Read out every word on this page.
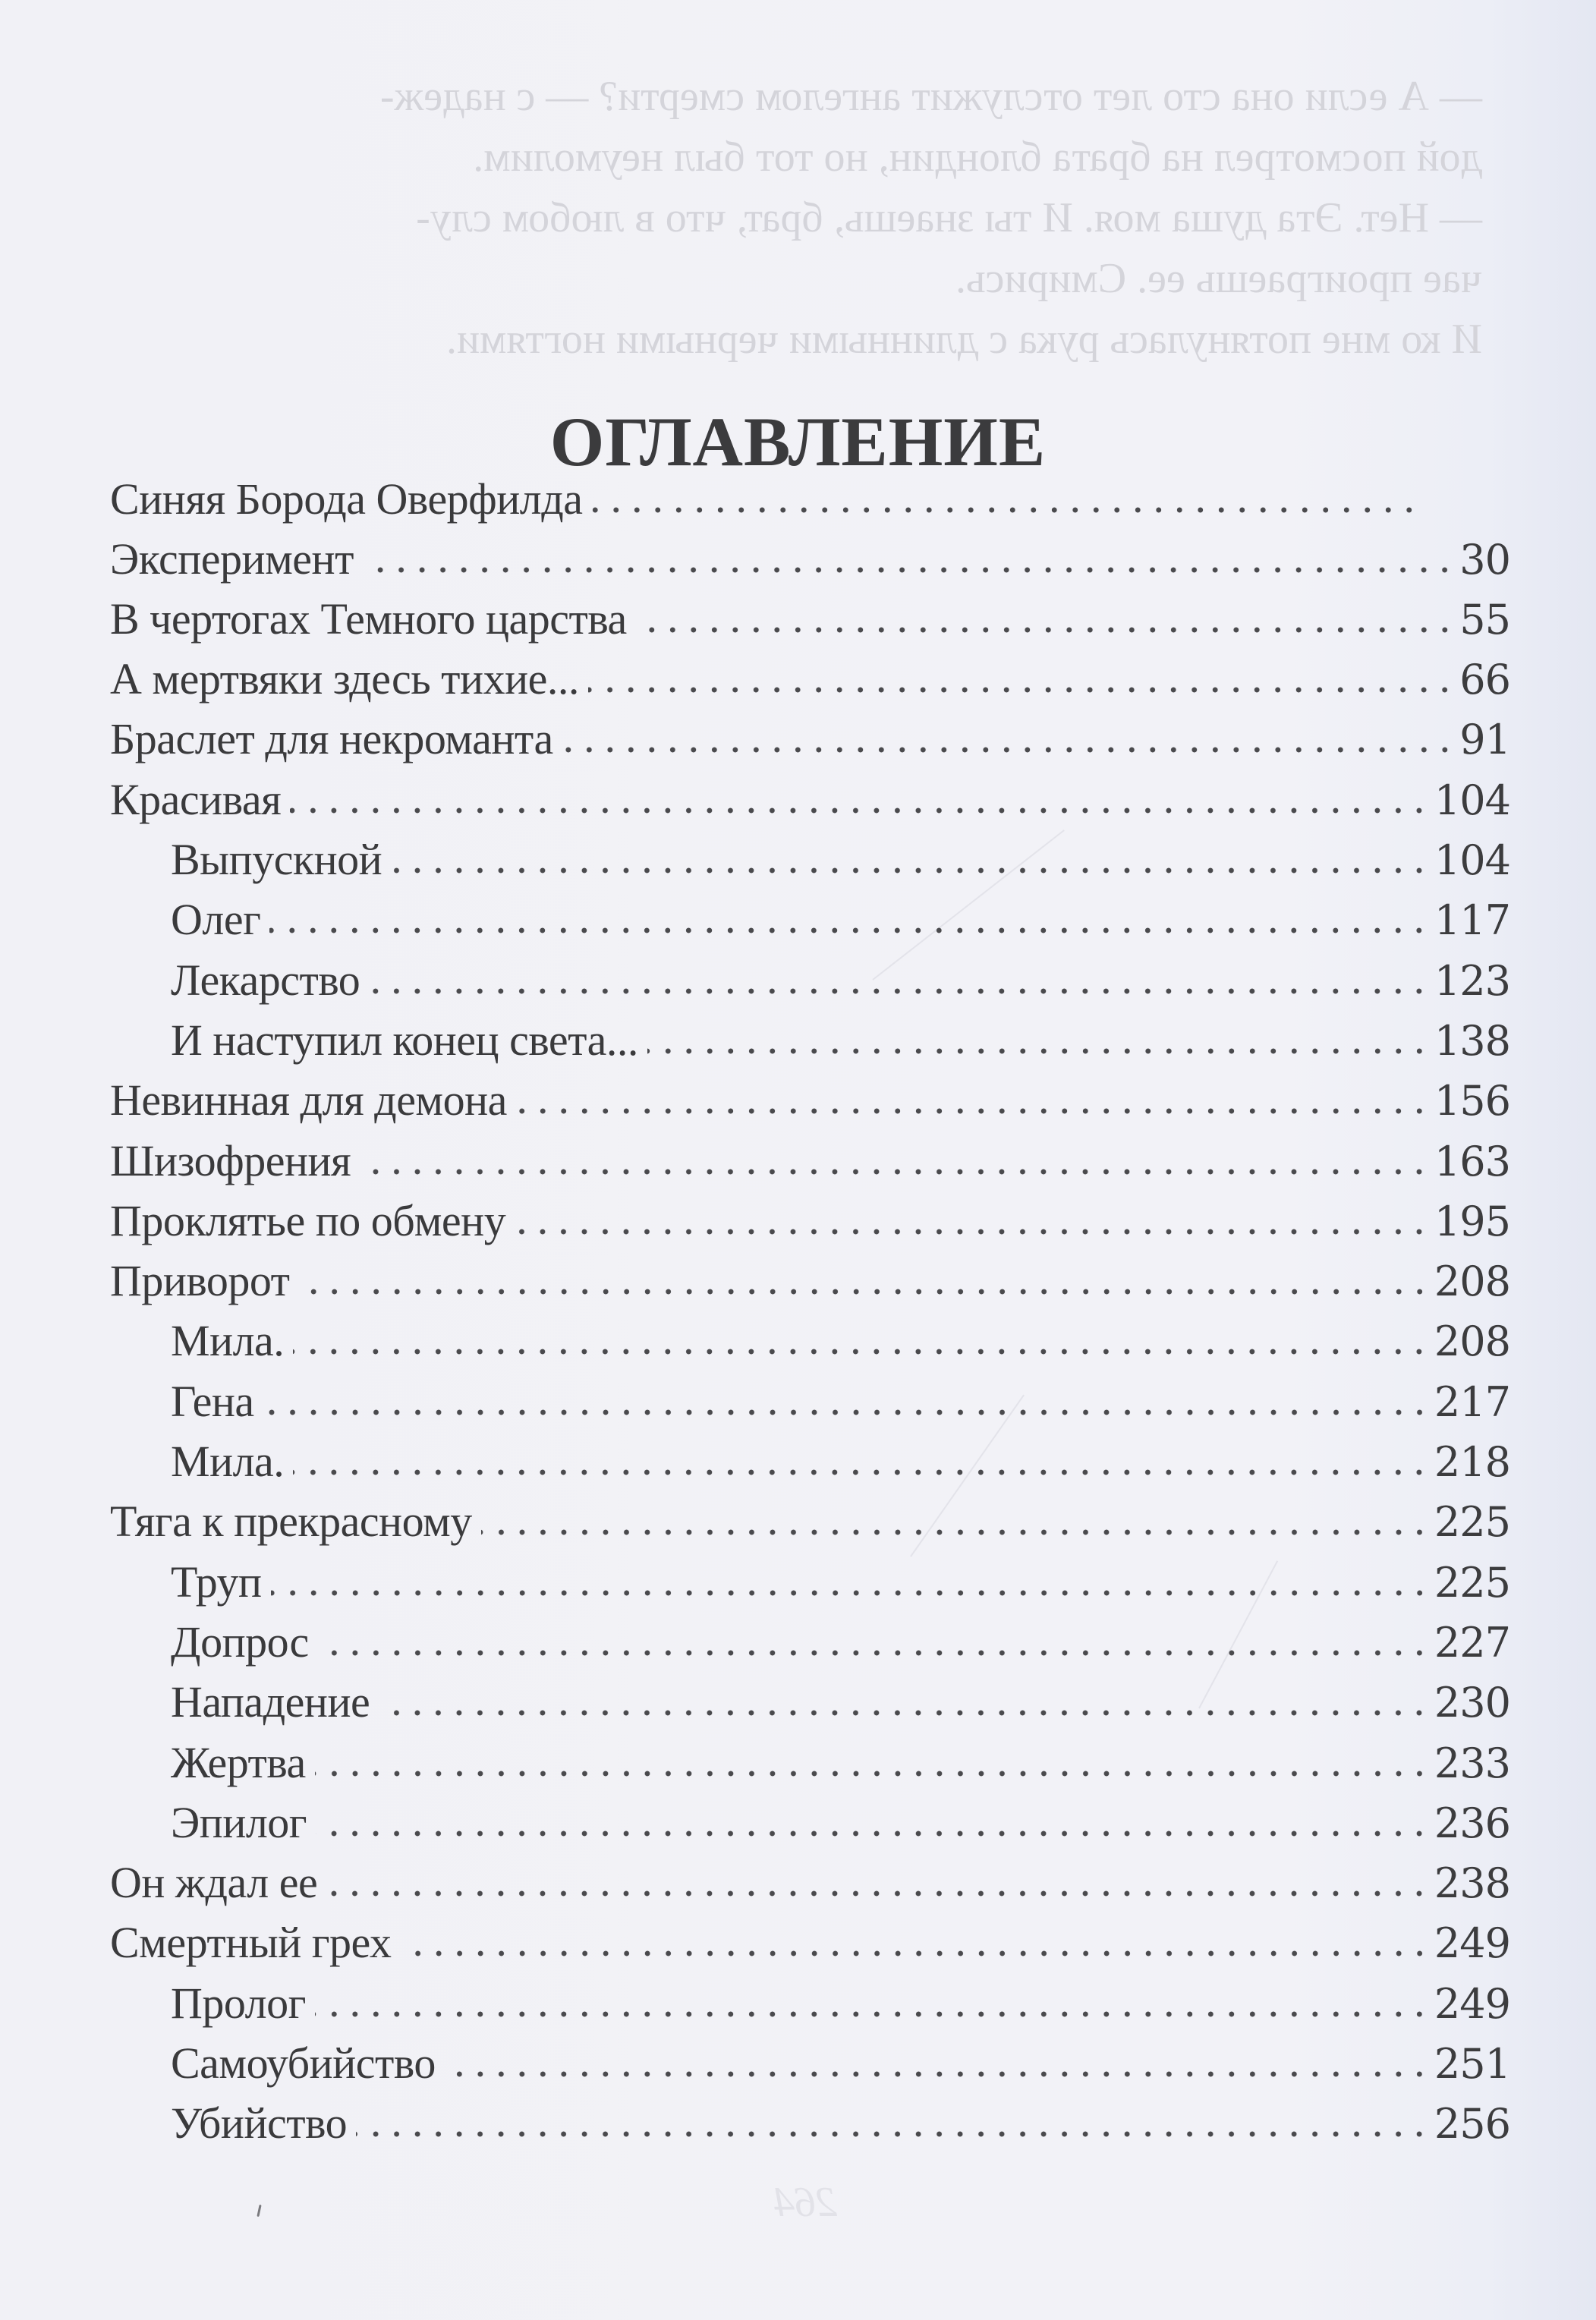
— А если она сто лет отслужит ангелом смерти? — с надеж-
дой посмотрел на брата блондин, но тот был неумолим.
— Нет. Эта душа моя. И ты знаешь, брат, что в любом слу-
чае проиграешь ее. Смирись.
И ко мне потянулась рука с длинными черными ногтями.
264
ОГЛАВЛЕНИЕ
Синяя Борода Оверфилда
Эксперимент	30
В чертогах Темного царства	55
А мертвяки здесь тихие...	66
Браслет для некроманта	91
Красивая	104
Выпускной	104
Олег	117
Лекарство	123
И наступил конец света...	138
Невинная для демона	156
Шизофрения	163
Проклятье по обмену	195
Приворот	208
Мила.	208
Гена	217
Мила.	218
Тяга к прекрасному	225
Труп	225
Допрос	227
Нападение	230
Жертва	233
Эпилог	236
Он ждал ее	238
Смертный грех	249
Пролог	249
Самоубийство	251
Убийство	256
